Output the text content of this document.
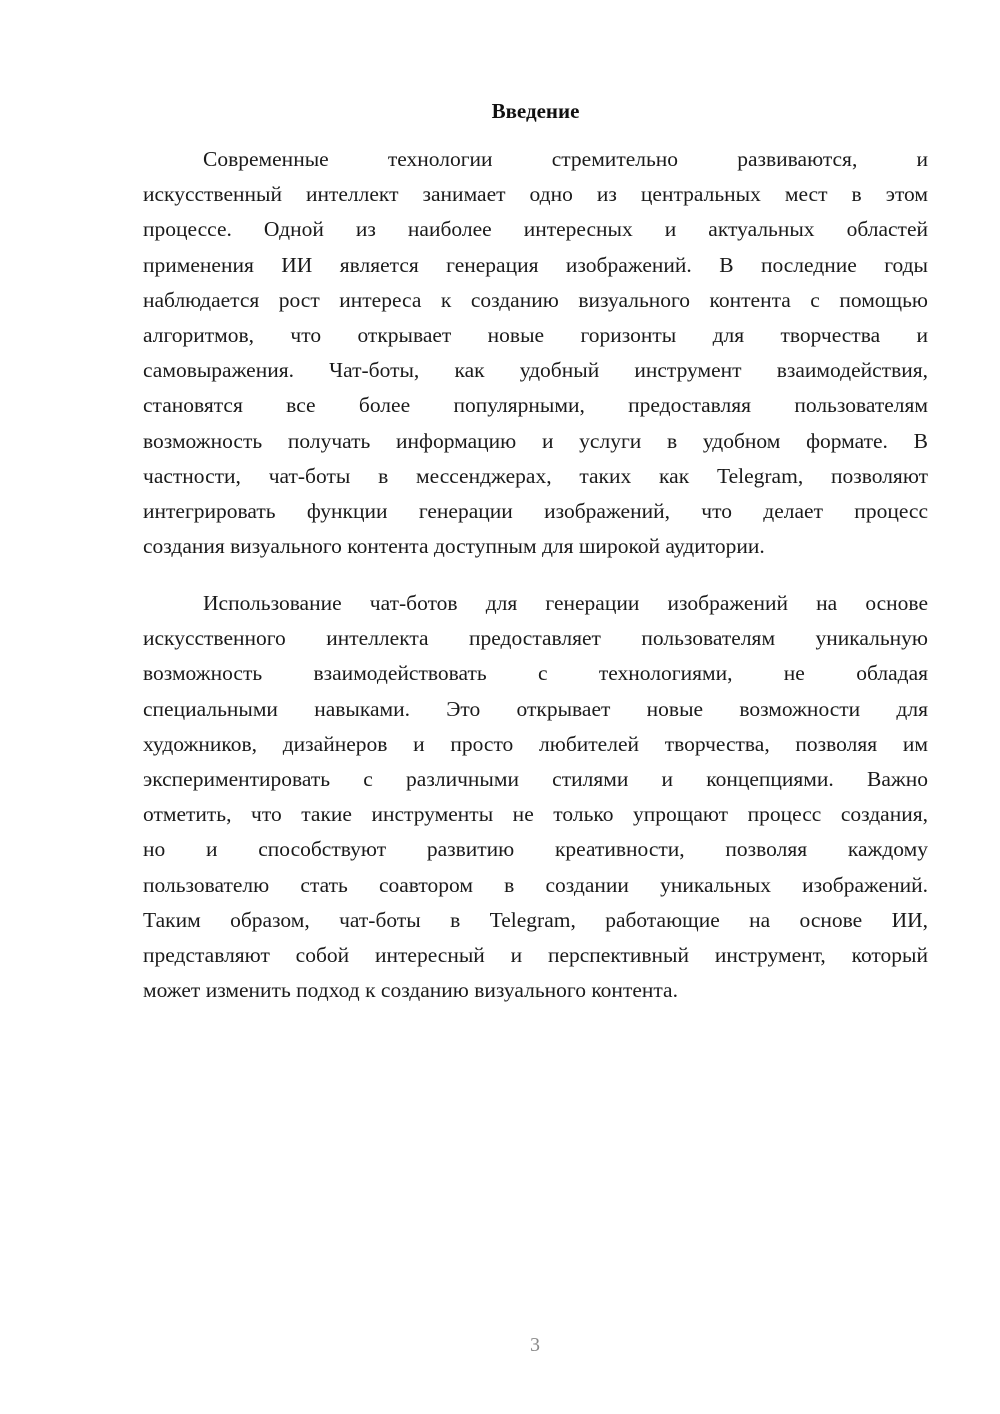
Введение
Современные технологии стремительно развиваются, и
искусственный интеллект занимает одно из центральных мест в этом
процессе. Одной из наиболее интересных и актуальных областей
применения ИИ является генерация изображений. В последние годы
наблюдается рост интереса к созданию визуального контента с помощью
алгоритмов, что открывает новые горизонты для творчества и
самовыражения. Чат-боты, как удобный инструмент взаимодействия,
становятся все более популярными, предоставляя пользователям
возможность получать информацию и услуги в удобном формате. В
частности, чат-боты в мессенджерах, таких как Telegram, позволяют
интегрировать функции генерации изображений, что делает процесс
создания визуального контента доступным для широкой аудитории.
Использование чат-ботов для генерации изображений на основе
искусственного интеллекта предоставляет пользователям уникальную
возможность взаимодействовать с технологиями, не обладая
специальными навыками. Это открывает новые возможности для
художников, дизайнеров и просто любителей творчества, позволяя им
экспериментировать с различными стилями и концепциями. Важно
отметить, что такие инструменты не только упрощают процесс создания,
но и способствуют развитию креативности, позволяя каждому
пользователю стать соавтором в создании уникальных изображений.
Таким образом, чат-боты в Telegram, работающие на основе ИИ,
представляют собой интересный и перспективный инструмент, который
может изменить подход к созданию визуального контента.

3
